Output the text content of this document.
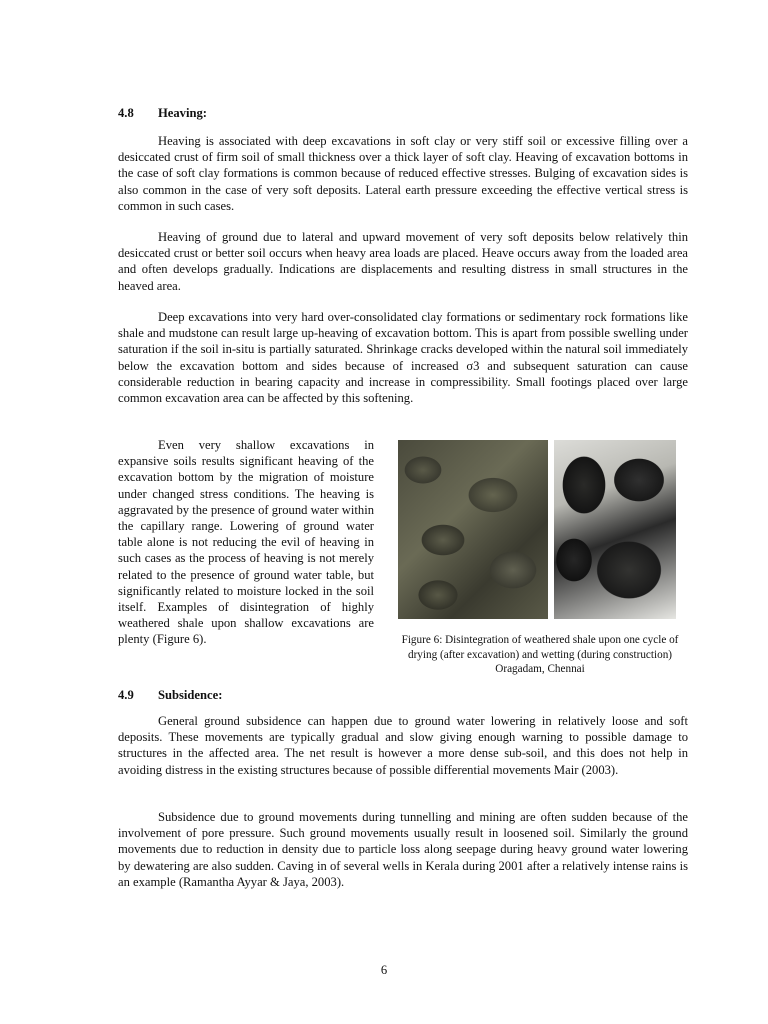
4.8 Heaving:

Heaving is associated with deep excavations in soft clay or very stiff soil or excessive filling over a desiccated crust of firm soil of small thickness over a thick layer of soft clay. Heaving of excavation bottoms in the case of soft clay formations is common because of reduced effective stresses. Bulging of excavation sides is also common in the case of very soft deposits. Lateral earth pressure exceeding the effective vertical stress is common in such cases.

Heaving of ground due to lateral and upward movement of very soft deposits below relatively thin desiccated crust or better soil occurs when heavy area loads are placed. Heave occurs away from the loaded area and often develops gradually. Indications are displacements and resulting distress in small structures in the heaved area.

Deep excavations into very hard over-consolidated clay formations or sedimentary rock formations like shale and mudstone can result large up-heaving of excavation bottom. This is apart from possible swelling under saturation if the soil in-situ is partially saturated. Shrinkage cracks developed within the natural soil immediately below the excavation bottom and sides because of increased σ3 and subsequent saturation can cause considerable reduction in bearing capacity and increase in compressibility. Small footings placed over large common excavation area can be affected by this softening.

Even very shallow excavations in expansive soils results significant heaving of the excavation bottom by the migration of moisture under changed stress conditions. The heaving is aggravated by the presence of ground water within the capillary range. Lowering of ground water table alone is not reducing the evil of heaving in such cases as the process of heaving is not merely related to the presence of ground water table, but significantly related to moisture locked in the soil itself. Examples of disintegration of highly weathered shale upon shallow excavations are plenty (Figure 6).	Figure 6: Disintegration of weathered shale upon one cycle of
drying (after excavation) and wetting (during construction)
Oragadam, Chennai

4.9 Subsidence:

General ground subsidence can happen due to ground water lowering in relatively loose and soft deposits. These movements are typically gradual and slow giving enough warning to possible damage to structures in the affected area. The net result is however a more dense sub-soil, and this does not help in avoiding distress in the existing structures because of possible differential movements Mair (2003).

Subsidence due to ground movements during tunnelling and mining are often sudden because of the involvement of pore pressure. Such ground movements usually result in loosened soil. Similarly the ground movements due to reduction in density due to particle loss along seepage during heavy ground water lowering by dewatering are also sudden. Caving in of several wells in Kerala during 2001 after a relatively intense rains is an example (Ramantha Ayyar & Jaya, 2003).

6
